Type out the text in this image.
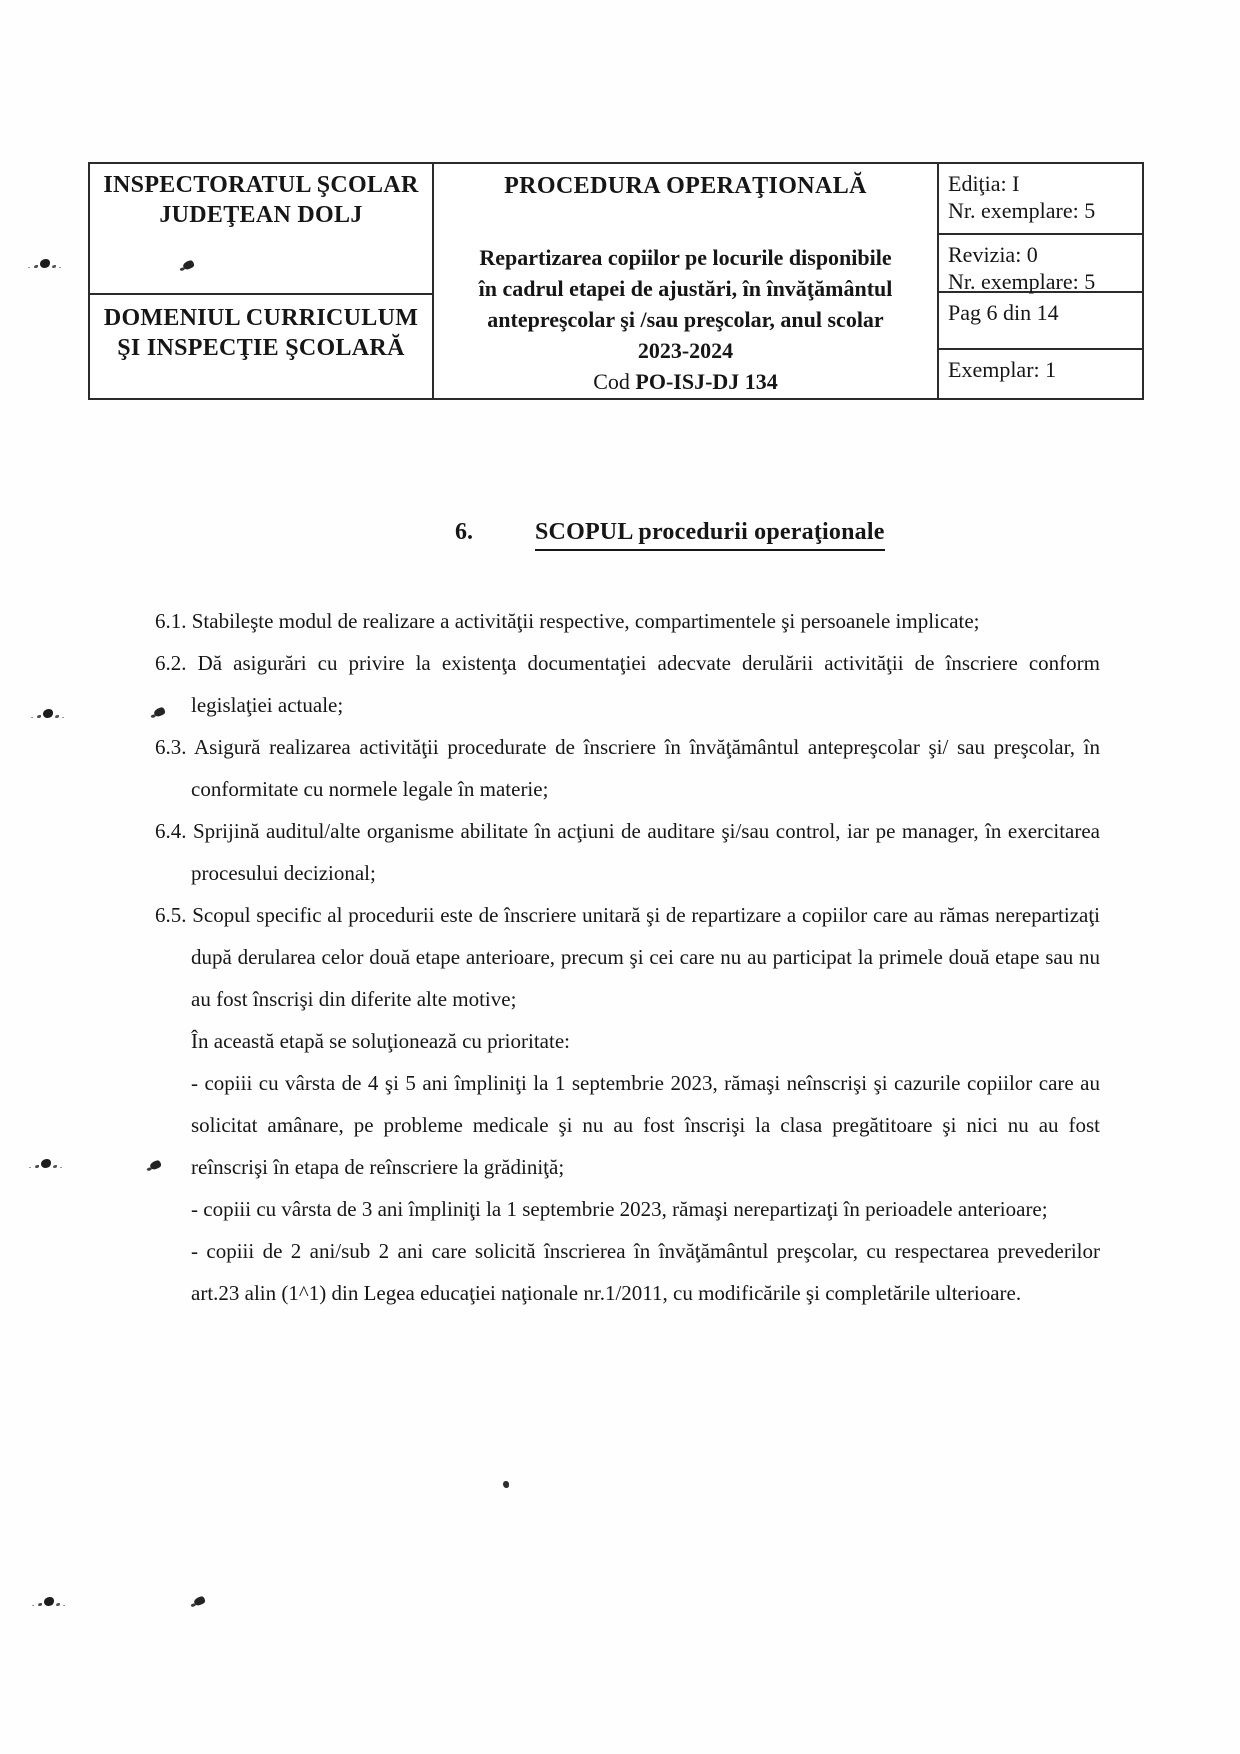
INSPECTORATUL ŞCOLAR
JUDEŢEAN DOLJ
DOMENIUL CURRICULUM
ŞI INSPECŢIE ŞCOLARĂ
PROCEDURA OPERAŢIONALĂ
Repartizarea copiilor pe locurile disponibile
în cadrul etapei de ajustări, în învăţământul
antepreşcolar şi /sau preşcolar, anul scolar
2023-2024
Cod PO-ISJ-DJ 134
Ediţia: I
Nr. exemplare: 5
Revizia: 0
Nr. exemplare: 5
Pag 6 din 14
Exemplar: 1
6.	SCOPUL procedurii operaţionale

6.1. Stabileşte modul de realizare a activităţii respective, compartimentele şi persoanele implicate;

6.2. Dă asigurări cu privire la existenţa documentaţiei adecvate derulării activităţii de înscriere conform legislaţiei actuale;

6.3. Asigură realizarea activităţii procedurate de înscriere în învăţământul antepreşcolar şi/ sau preşcolar, în conformitate cu normele legale în materie;

6.4. Sprijină auditul/alte organisme abilitate în acţiuni de auditare şi/sau control, iar pe manager, în exercitarea procesului decizional;

6.5. Scopul specific al procedurii este de înscriere unitară şi de repartizare a copiilor care au rămas nerepartizaţi după derularea celor două etape anterioare, precum şi cei care nu au participat la primele două etape sau nu au fost înscrişi din diferite alte motive;

În această etapă se soluţionează cu prioritate:

- copiii cu vârsta de 4 şi 5 ani împliniţi la 1 septembrie 2023, rămaşi neînscrişi şi cazurile copiilor care au solicitat amânare, pe probleme medicale şi nu au fost înscrişi la clasa pregătitoare şi nici nu au fost reînscrişi în etapa de reînscriere la grădiniţă;

- copiii cu vârsta de 3 ani împliniţi la 1 septembrie 2023, rămaşi nerepartizaţi în perioadele anterioare;

- copiii de 2 ani/sub 2 ani care solicită înscrierea în învăţământul preşcolar, cu respectarea prevederilor art.23 alin (1^1) din Legea educaţiei naţionale nr.1/2011, cu modificările şi completările ulterioare.
